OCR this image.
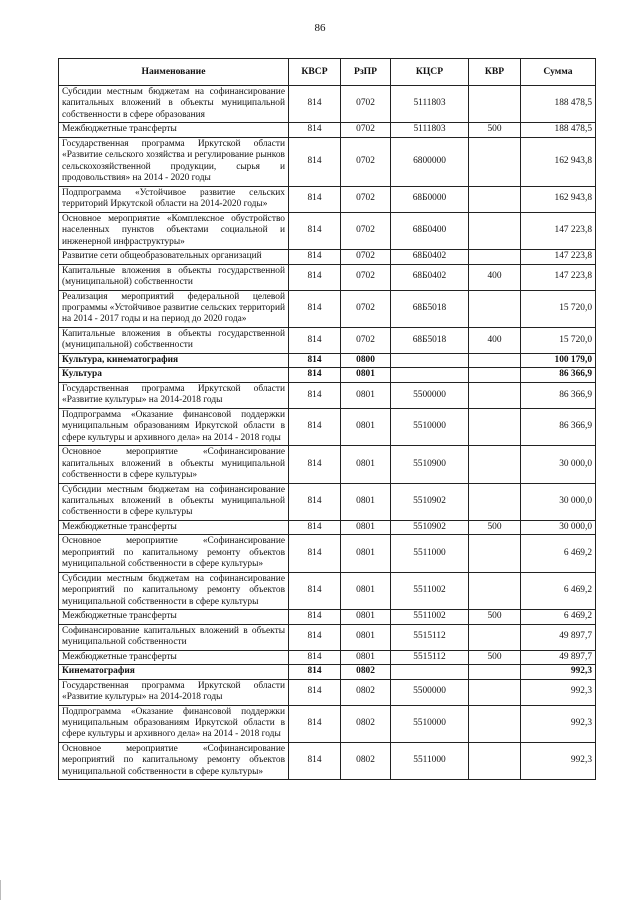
86
Наименование	КВСР	РзПР	КЦСР	КВР	Сумма
Субсидии местным бюджетам на софинансирование капитальных вложений в объекты муниципальной собственности в сфере образования	814	0702	5111803		188 478,5
Межбюджетные трансферты	814	0702	5111803	500	188 478,5
Государственная программа Иркутской области «Развитие сельского хозяйства и регулирование рынков сельскохозяйственной продукции, сырья и продовольствия» на 2014 - 2020 годы	814	0702	6800000		162 943,8
Подпрограмма «Устойчивое развитие сельских территорий Иркутской области на 2014-2020 годы»	814	0702	68Б0000		162 943,8
Основное мероприятие «Комплексное обустройство населенных пунктов объектами социальной и инженерной инфраструктуры»	814	0702	68Б0400		147 223,8
Развитие сети общеобразовательных организаций	814	0702	68Б0402		147 223,8
Капитальные вложения в объекты государственной (муниципальной) собственности	814	0702	68Б0402	400	147 223,8
Реализация мероприятий федеральной целевой программы «Устойчивое развитие сельских территорий на 2014 - 2017 годы и на период до 2020 года»	814	0702	68Б5018		15 720,0
Капитальные вложения в объекты государственной (муниципальной) собственности	814	0702	68Б5018	400	15 720,0
Культура, кинематография	814	0800			100 179,0
Культура	814	0801			86 366,9
Государственная программа Иркутской области «Развитие культуры» на 2014-2018 годы	814	0801	5500000		86 366,9
Подпрограмма «Оказание финансовой поддержки муниципальным образованиям Иркутской области в сфере культуры и архивного дела» на 2014 - 2018 годы	814	0801	5510000		86 366,9
Основное мероприятие «Софинансирование капитальных вложений в объекты муниципальной собственности в сфере культуры»	814	0801	5510900		30 000,0
Субсидии местным бюджетам на софинансирование капитальных вложений в объекты муниципальной собственности в сфере культуры	814	0801	5510902		30 000,0
Межбюджетные трансферты	814	0801	5510902	500	30 000,0
Основное мероприятие «Софинансирование мероприятий по капитальному ремонту объектов муниципальной собственности в сфере культуры»	814	0801	5511000		6 469,2
Субсидии местным бюджетам на софинансирование мероприятий по капитальному ремонту объектов муниципальной собственности в сфере культуры	814	0801	5511002		6 469,2
Межбюджетные трансферты	814	0801	5511002	500	6 469,2
Софинансирование капитальных вложений в объекты муниципальной собственности	814	0801	5515112		49 897,7
Межбюджетные трансферты	814	0801	5515112	500	49 897,7
Кинематография	814	0802			992,3
Государственная программа Иркутской области «Развитие культуры» на 2014-2018 годы	814	0802	5500000		992,3
Подпрограмма «Оказание финансовой поддержки муниципальным образованиям Иркутской области в сфере культуры и архивного дела» на 2014 - 2018 годы	814	0802	5510000		992,3
Основное мероприятие «Софинансирование мероприятий по капитальному ремонту объектов муниципальной собственности в сфере культуры»	814	0802	5511000		992,3
